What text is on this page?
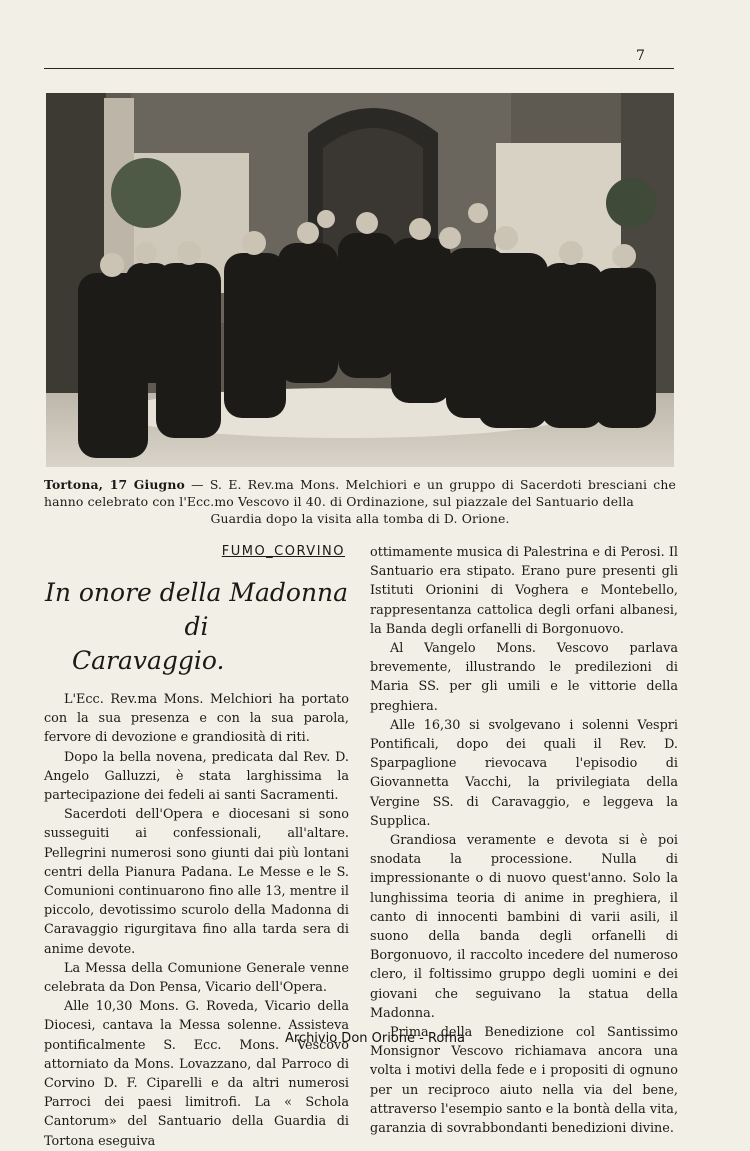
7
Tortona, 17 Giugno — S. E. Rev.ma Mons. Melchiori e un gruppo di Sacerdoti bresciani che hanno celebrato con l'Ecc.mo Vescovo il 40. di Ordinazione, sul piazzale del Santuario della
Guardia dopo la visita alla tomba di D. Orione.
FUMO_CORVINO
In onore della Madonna di
Caravaggio.

L'Ecc. Rev.ma Mons. Melchiori ha portato con la sua presenza e con la sua parola, fervore di devozione e grandiosità di riti.

Dopo la bella novena, predicata dal Rev. D. Angelo Galluzzi, è stata larghissima la partecipazione dei fedeli ai santi Sacramenti.

Sacerdoti dell'Opera e diocesani si sono susseguiti ai confessionali, all'altare. Pellegrini numerosi sono giunti dai più lontani centri della Pianura Padana. Le Messe e le S. Comunioni continuarono fino alle 13, mentre il piccolo, devotissimo scurolo della Madonna di Caravaggio rigurgitava fino alla tarda sera di anime devote.

La Messa della Comunione Generale venne celebrata da Don Pensa, Vicario dell'Opera.

Alle 10,30 Mons. G. Roveda, Vicario della Diocesi, cantava la Messa solenne. Assisteva pontificalmente S. Ecc. Mons. Vescovo attorniato da Mons. Lovazzano, dal Parroco di Corvino D. F. Ciparelli e da altri numerosi Parroci dei paesi limitrofi. La « Schola Cantorum» del Santuario della Guardia di Tortona eseguiva

ottimamente musica di Palestrina e di Perosi. Il Santuario era stipato. Erano pure presenti gli Istituti Orionini di Voghera e Montebello, rappresentanza cattolica degli orfani albanesi, la Banda degli orfanelli di Borgonuovo.

Al Vangelo Mons. Vescovo parlava brevemente, illustrando le predilezioni di Maria SS. per gli umili e le vittorie della preghiera.

Alle 16,30 si svolgevano i solenni Vespri Pontificali, dopo dei quali il Rev. D. Sparpaglione rievocava l'episodio di Giovannetta Vacchi, la privilegiata della Vergine SS. di Caravaggio, e leggeva la Supplica.

Grandiosa veramente e devota si è poi snodata la processione. Nulla di impressionante o di nuovo quest'anno. Solo la lunghissima teoria di anime in preghiera, il canto di innocenti bambini di varii asili, il suono della banda degli orfanelli di Borgonuovo, il raccolto incedere del numeroso clero, il foltissimo gruppo degli uomini e dei giovani che seguivano la statua della Madonna.

Prima della Benedizione col Santissimo Monsignor Vescovo richiamava ancora una volta i motivi della fede e i propositi di ognuno per un reciproco aiuto nella via del bene, attraverso l'esempio santo e la bontà della vita, garanzia di sovrabbondanti benedizioni divine.

Archivio Don Orione - Roma
